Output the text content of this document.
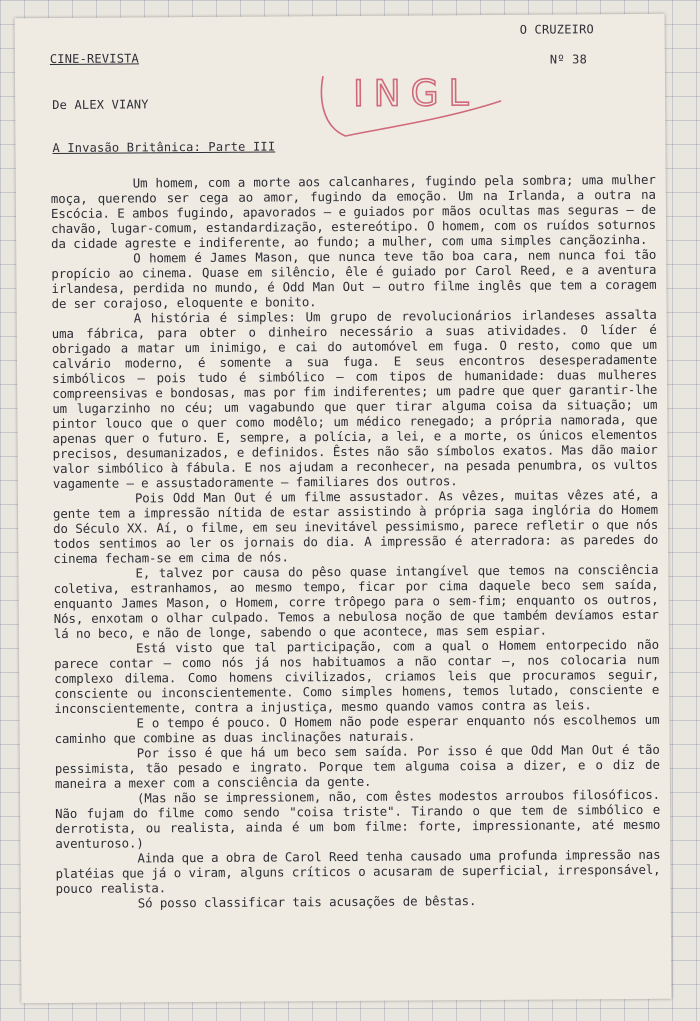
CINE-REVISTA
O CRUZEIRO
Nº 38
INGL
De ALEX VIANY
A Invasão Britânica: Parte III

Um homem, com a morte aos calcanhares, fugindo pela sombra; uma mulher moça, querendo ser cega ao amor, fugindo da emoção. Um na Irlanda, a outra na Escócia. E ambos fugindo, apavorados — e guiados por mãos ocultas mas seguras — de chavão, lugar-comum, estandardização, estereótipo. O homem, com os ruídos soturnos da cidade agreste e indiferente, ao fundo; a mulher, com uma simples cançãozinha.

O homem é James Mason, que nunca teve tão boa cara, nem nunca foi tão propício ao cinema. Quase em silêncio, êle é guiado por Carol Reed, e a aventura irlandesa, perdida no mundo, é Odd Man Out — outro filme inglês que tem a coragem de ser corajoso, eloquente e bonito.

A história é simples: Um grupo de revolucionários irlandeses assalta uma fábrica, para obter o dinheiro necessário a suas atividades. O líder é obrigado a matar um inimigo, e cai do automóvel em fuga. O resto, como que um calvário moderno, é somente a sua fuga. E seus encontros desesperadamente simbólicos — pois tudo é simbólico — com tipos de humanidade: duas mulheres compreensivas e bondosas, mas por fim indiferentes; um padre que quer garantir-lhe um lugarzinho no céu; um vagabundo que quer tirar alguma coisa da situação; um pintor louco que o quer como modêlo; um médico renegado; a própria namorada, que apenas quer o futuro. E, sempre, a polícia, a lei, e a morte, os únicos elementos precisos, desumanizados, e definidos. Êstes não são símbolos exatos. Mas dão maior valor simbólico à fábula. E nos ajudam a reconhecer, na pesada penumbra, os vultos vagamente — e assustadoramente — familiares dos outros.

Pois Odd Man Out é um filme assustador. As vêzes, muitas vêzes até, a gente tem a impressão nítida de estar assistindo à própria saga inglória do Homem do Século XX. Aí, o filme, em seu inevitável pessimismo, parece refletir o que nós todos sentimos ao ler os jornais do dia. A impressão é aterradora: as paredes do cinema fecham-se em cima de nós.

E, talvez por causa do pêso quase intangível que temos na consciência coletiva, estranhamos, ao mesmo tempo, ficar por cima daquele beco sem saída, enquanto James Mason, o Homem, corre trôpego para o sem-fim; enquanto os outros, Nós, enxotam o olhar culpado. Temos a nebulosa noção de que também devíamos estar lá no beco, e não de longe, sabendo o que acontece, mas sem espiar.

Está visto que tal participação, com a qual o Homem entorpecido não parece contar — como nós já nos habituamos a não contar —, nos colocaria num complexo dilema. Como homens civilizados, criamos leis que procuramos seguir, consciente ou inconscientemente. Como simples homens, temos lutado, consciente e inconscientemente, contra a injustiça, mesmo quando vamos contra as leis.

E o tempo é pouco. O Homem não pode esperar enquanto nós escolhemos um caminho que combine as duas inclinações naturais.

Por isso é que há um beco sem saída. Por isso é que Odd Man Out é tão pessimista, tão pesado e ingrato. Porque tem alguma coisa a dizer, e o diz de maneira a mexer com a consciência da gente.

(Mas não se impressionem, não, com êstes modestos arroubos filosóficos. Não fujam do filme como sendo "coisa triste". Tirando o que tem de simbólico e derrotista, ou realista, ainda é um bom filme: forte, impressionante, até mesmo aventuroso.)

Ainda que a obra de Carol Reed tenha causado uma profunda impressão nas platéias que já o viram, alguns críticos o acusaram de superficial, irresponsável, pouco realista.

Só posso classificar tais acusações de bêstas.
